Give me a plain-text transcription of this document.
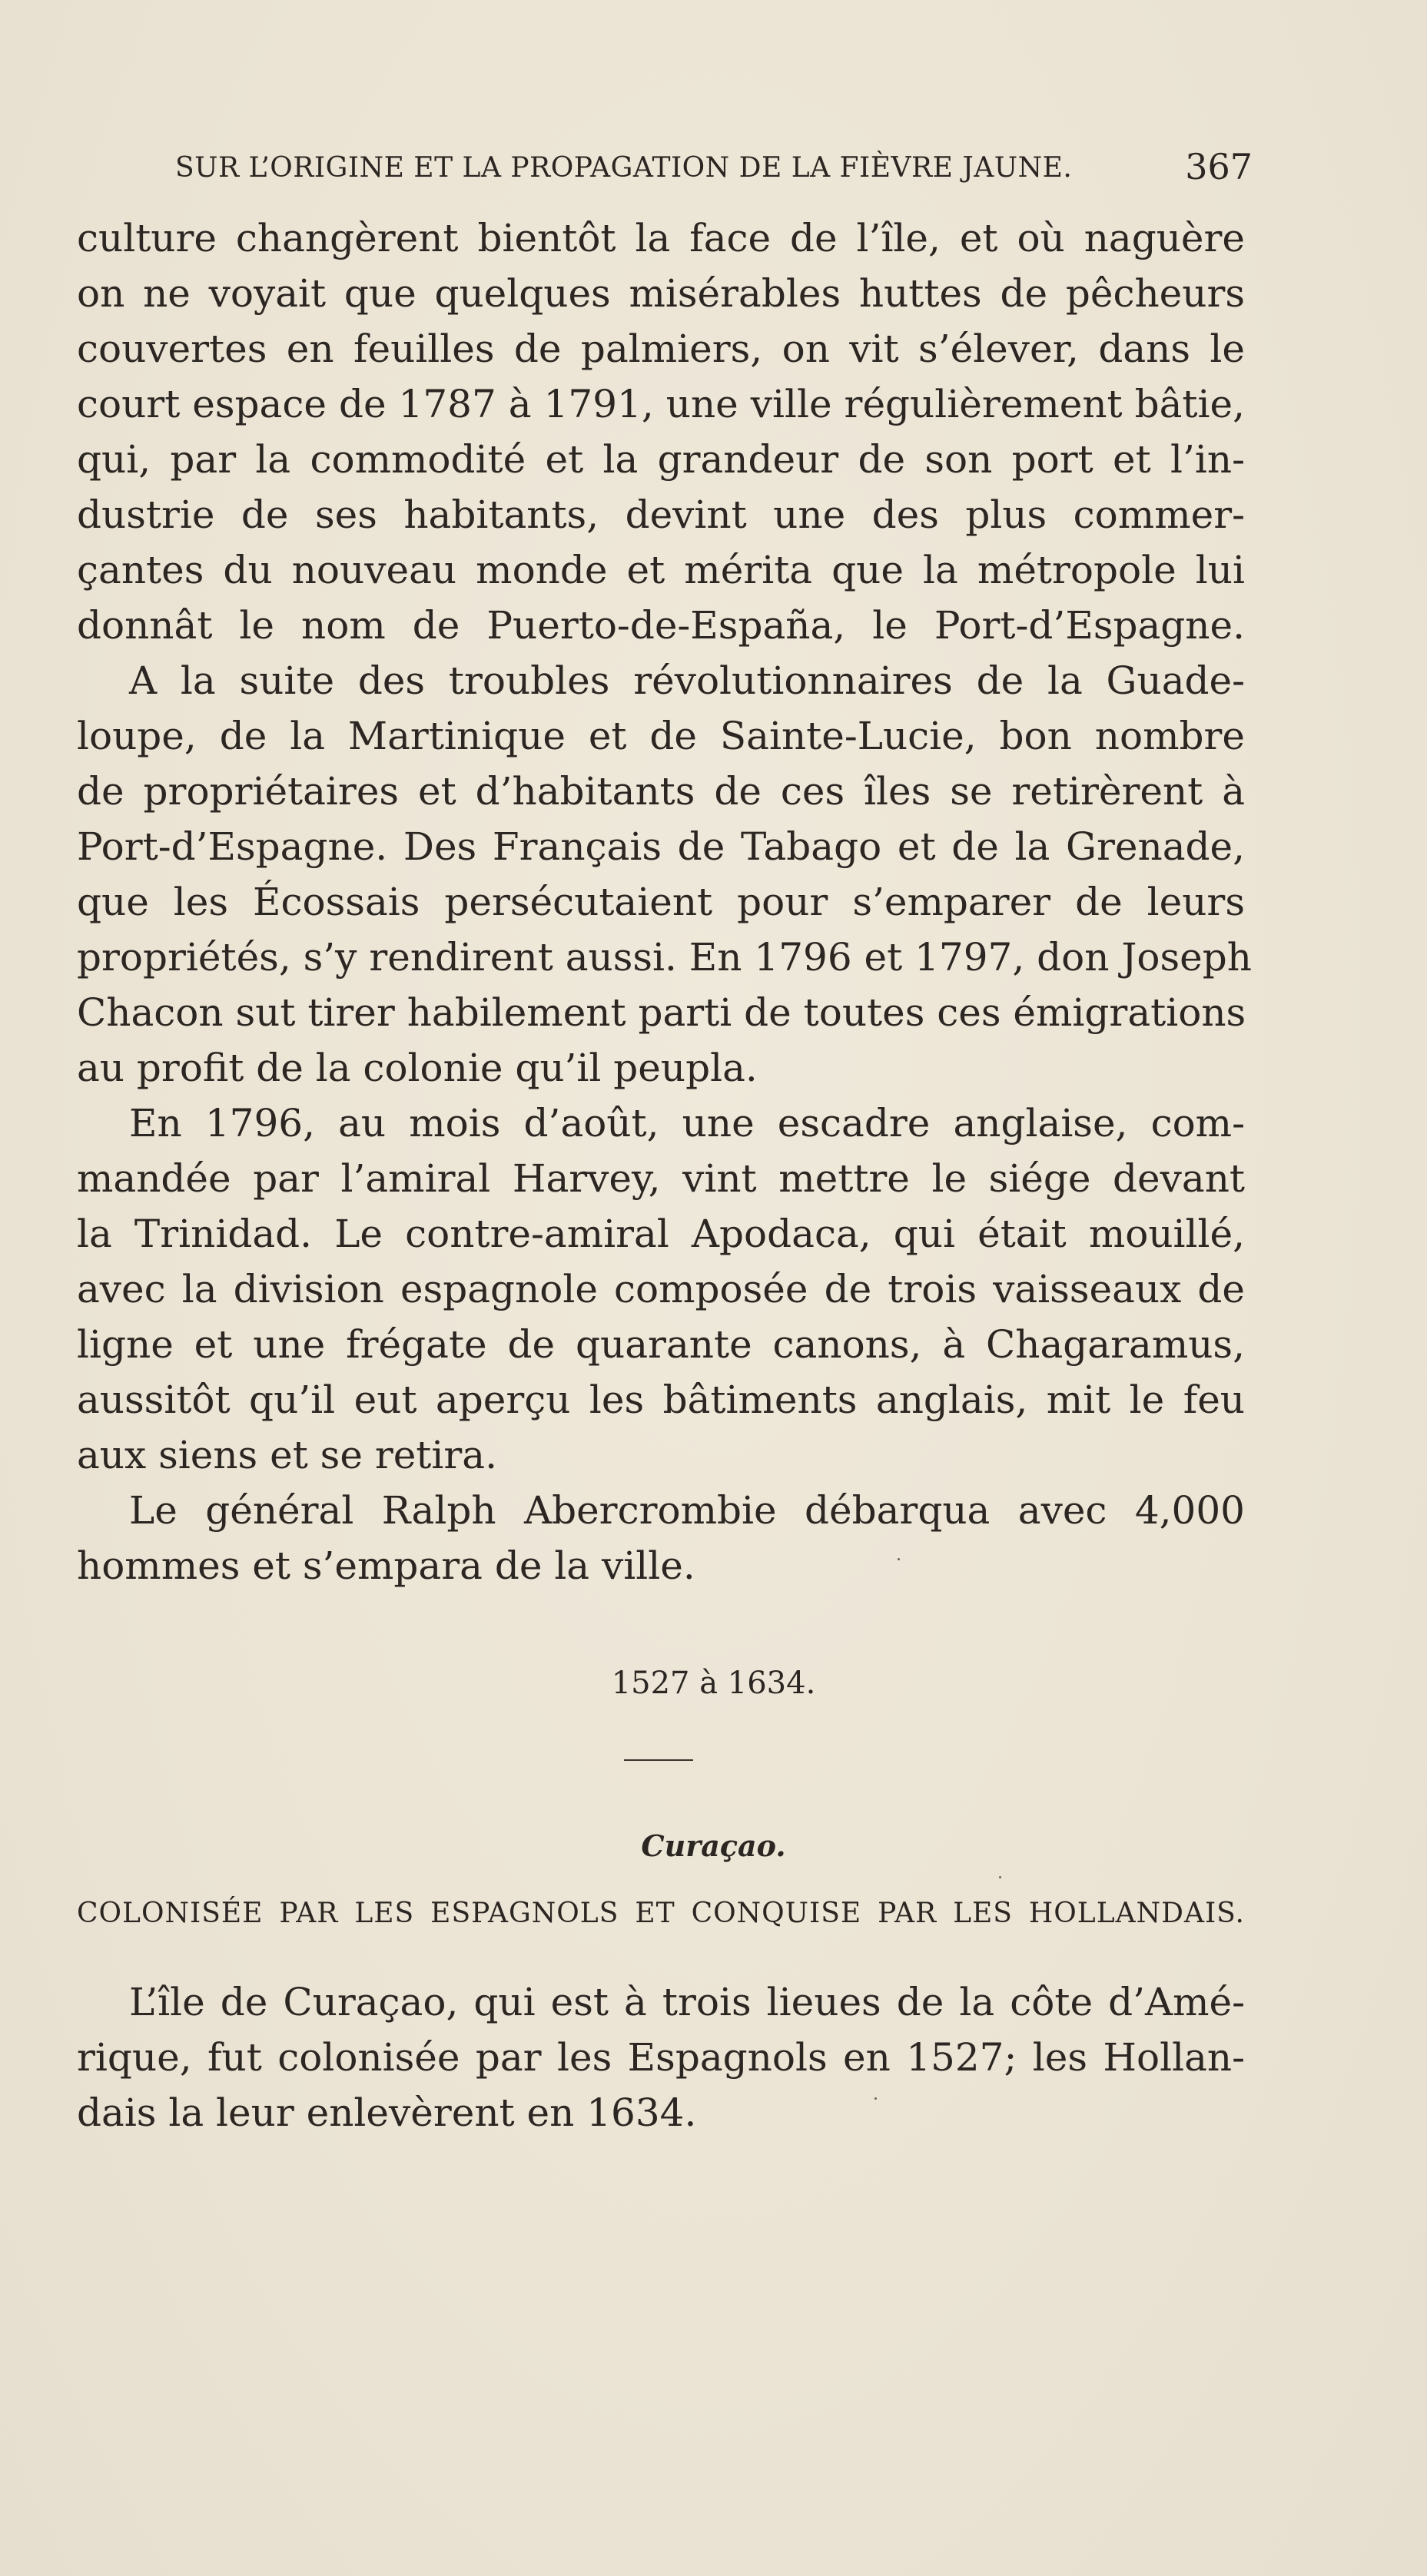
SUR L’ORIGINE ET LA PROPAGATION DE LA FIÈVRE JAUNE.	367

culture changèrent bientôt la face de l’île, et où naguère
on ne voyait que quelques misérables huttes de pêcheurs
couvertes en feuilles de palmiers, on vit s’élever, dans le
court espace de 1787 à 1791, une ville régulièrement bâtie,
qui, par la commodité et la grandeur de son port et l’in-
dustrie de ses habitants, devint une des plus commer-
çantes du nouveau monde et mérita que la métropole lui
donnât le nom de Puerto-de-España, le Port-d’Espagne.

A la suite des troubles révolutionnaires de la Guade-
loupe, de la Martinique et de Sainte-Lucie, bon nombre
de propriétaires et d’habitants de ces îles se retirèrent à
Port-d’Espagne. Des Français de Tabago et de la Grenade,
que les Écossais persécutaient pour s’emparer de leurs
propriétés, s’y rendirent aussi. En 1796 et 1797, don Joseph
Chacon sut tirer habilement parti de toutes ces émigrations
au profit de la colonie qu’il peupla.

En 1796, au mois d’août, une escadre anglaise, com-
mandée par l’amiral Harvey, vint mettre le siége devant
la Trinidad. Le contre-amiral Apodaca, qui était mouillé,
avec la division espagnole composée de trois vaisseaux de
ligne et une frégate de quarante canons, à Chagaramus,
aussitôt qu’il eut aperçu les bâtiments anglais, mit le feu
aux siens et se retira.

Le général Ralph Abercrombie débarqua avec 4,000
hommes et s’empara de la ville.

1527 à 1634.
Curaçao.
COLONISÉE PAR LES ESPAGNOLS ET CONQUISE PAR LES HOLLANDAIS.

L’île de Curaçao, qui est à trois lieues de la côte d’Amé-
rique, fut colonisée par les Espagnols en 1527; les Hollan-
dais la leur enlevèrent en 1634.
